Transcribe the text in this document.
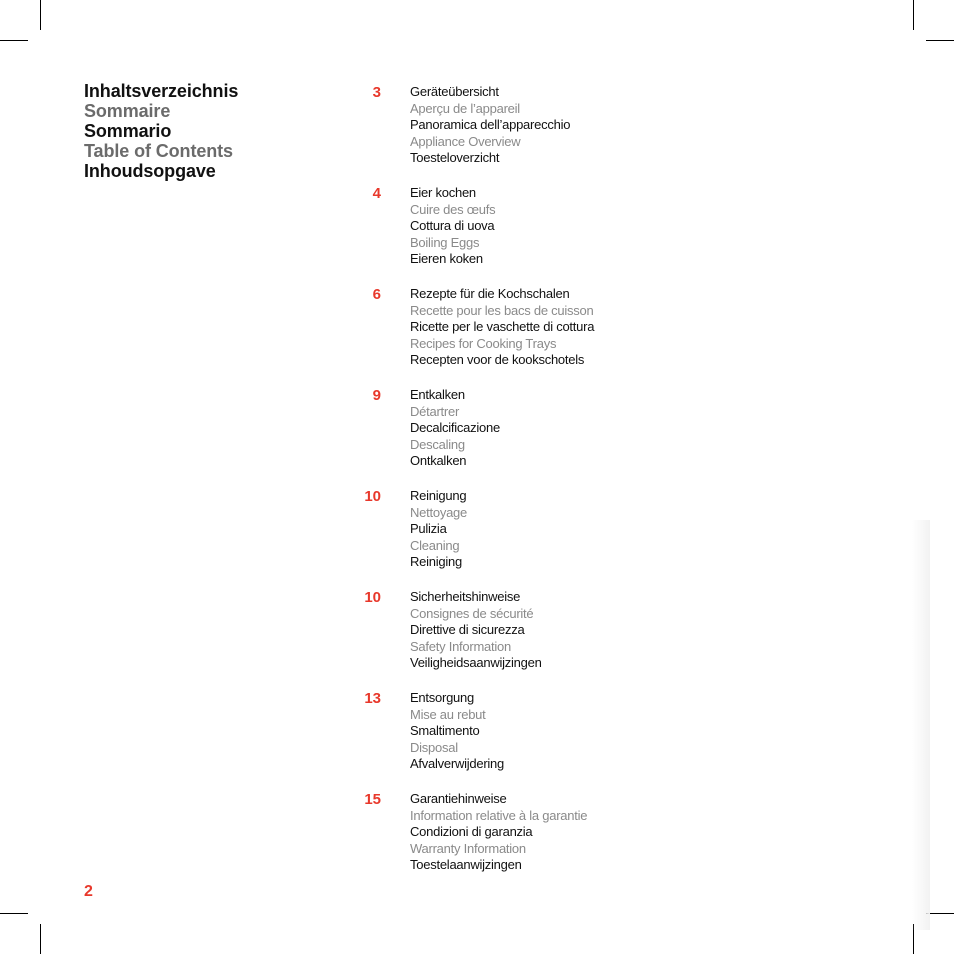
Inhaltsverzeichnis
Sommaire
Sommario
Table of Contents
Inhoudsopgave
3 Geräteübersicht
Aperçu de l’appareil
Panoramica dell’apparecchio
Appliance Overview
Toesteloverzicht
4 Eier kochen
Cuire des œufs
Cottura di uova
Boiling Eggs
Eieren koken
6 Rezepte für die Kochschalen
Recette pour les bacs de cuisson
Ricette per le vaschette di cottura
Recipes for Cooking Trays
Recepten voor de kookschotels
9 Entkalken
Détartrer
Decalcificazione
Descaling
Ontkalken
10 Reinigung
Nettoyage
Pulizia
Cleaning
Reiniging
10 Sicherheitshinweise
Consignes de sécurité
Direttive di sicurezza
Safety Information
Veiligheidsaanwijzingen
13 Entsorgung
Mise au rebut
Smaltimento
Disposal
Afvalverwijdering
15 Garantiehinweise
Information relative à la garantie
Condizioni di garanzia
Warranty Information
Toestelaanwijzingen
2
